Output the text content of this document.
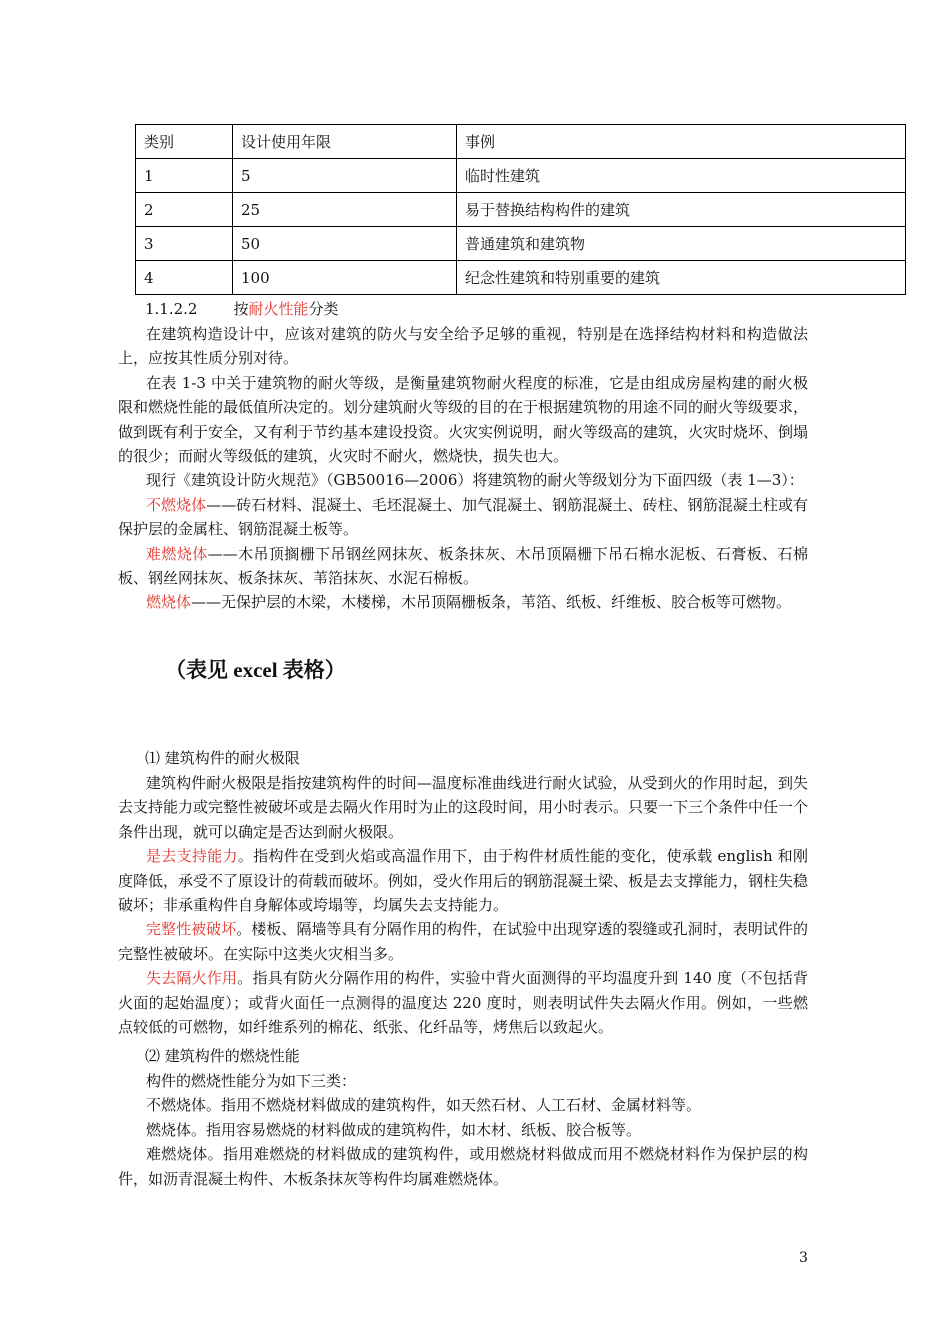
类别	设计使用年限	事例
1	5	临时性建筑
2	25	易于替换结构构件的建筑
3	50	普通建筑和建筑物
4	100	纪念性建筑和特别重要的建筑
1.1.2.2 按耐火性能分类

在建筑构造设计中，应该对建筑的防火与安全给予足够的重视，特别是在选择结构材料和构造做法上，应按其性质分别对待。

在表 1-3 中关于建筑物的耐火等级，是衡量建筑物耐火程度的标准，它是由组成房屋构建的耐火极限和燃烧性能的最低值所决定的。划分建筑耐火等级的目的在于根据建筑物的用途不同的耐火等级要求，做到既有利于安全，又有利于节约基本建设投资。火灾实例说明，耐火等级高的建筑，火灾时烧坏、倒塌的很少；而耐火等级低的建筑，火灾时不耐火，燃烧快，损失也大。

现行《建筑设计防火规范》（GB50016—2006）将建筑物的耐火等级划分为下面四级（表 1—3）：

不燃烧体——砖石材料、混凝土、毛坯混凝土、加气混凝土、钢筋混凝土、砖柱、钢筋混凝土柱或有保护层的金属柱、钢筋混凝土板等。

难燃烧体——木吊顶搁栅下吊钢丝网抹灰、板条抹灰、木吊顶隔栅下吊石棉水泥板、石膏板、石棉板、钢丝网抹灰、板条抹灰、苇箔抹灰、水泥石棉板。

燃烧体——无保护层的木梁，木楼梯，木吊顶隔栅板条，苇箔、纸板、纤维板、胶合板等可燃物。

（表见 excel 表格）
⑴ 建筑构件的耐火极限

建筑构件耐火极限是指按建筑构件的时间—温度标准曲线进行耐火试验，从受到火的作用时起，到失去支持能力或完整性被破坏或是去隔火作用时为止的这段时间，用小时表示。只要一下三个条件中任一个条件出现，就可以确定是否达到耐火极限。

是去支持能力。指构件在受到火焰或高温作用下，由于构件材质性能的变化，使承载 english 和刚度降低，承受不了原设计的荷载而破坏。例如，受火作用后的钢筋混凝土梁、板是去支撑能力，钢柱失稳破坏；非承重构件自身解体或垮塌等，均属失去支持能力。

完整性被破坏。楼板、隔墙等具有分隔作用的构件，在试验中出现穿透的裂缝或孔洞时，表明试件的完整性被破坏。在实际中这类火灾相当多。

失去隔火作用。指具有防火分隔作用的构件，实验中背火面测得的平均温度升到 140 度（不包括背火面的起始温度）；或背火面任一点测得的温度达 220 度时，则表明试件失去隔火作用。例如，一些燃点较低的可燃物，如纤维系列的棉花、纸张、化纤品等，烤焦后以致起火。

⑵ 建筑构件的燃烧性能

构件的燃烧性能分为如下三类：

不燃烧体。指用不燃烧材料做成的建筑构件，如天然石材、人工石材、金属材料等。

燃烧体。指用容易燃烧的材料做成的建筑构件，如木材、纸板、胶合板等。

难燃烧体。指用难燃烧的材料做成的建筑构件，或用燃烧材料做成而用不燃烧材料作为保护层的构件，如沥青混凝土构件、木板条抹灰等构件均属难燃烧体。

3
